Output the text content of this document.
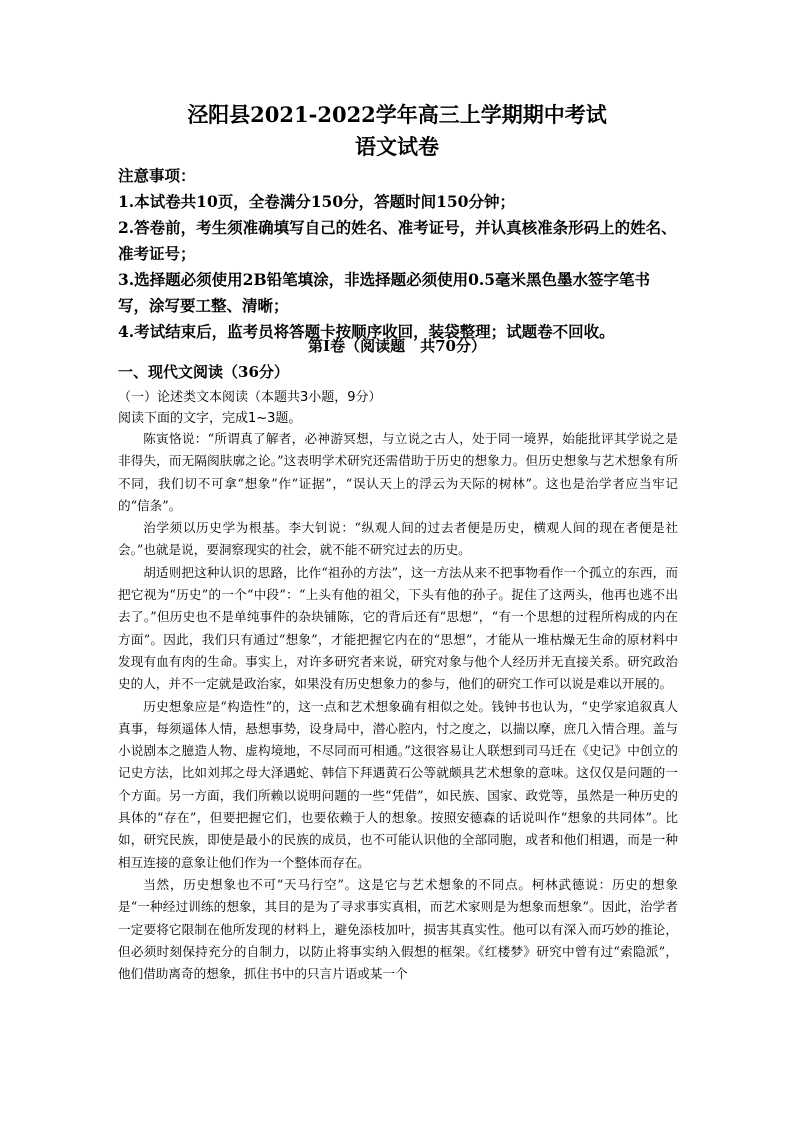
泾阳县2021-2022学年高三上学期期中考试
语文试卷

注意事项：

1.本试卷共10页，全卷满分150分，答题时间150分钟；

2.答卷前，考生须准确填写自己的姓名、准考证号，并认真核准条形码上的姓名、准考证号；

3.选择题必须使用2B铅笔填涂，非选择题必须使用0.5毫米黑色墨水签字笔书写，涂写要工整、清晰；

4.考试结束后，监考员将答题卡按顺序收回，装袋整理；试题卷不回收。

第Ⅰ卷（阅读题　共70分）
一、现代文阅读（36分）
（一）论述类文本阅读（本题共3小题，9分）
阅读下面的文字，完成1~3题。

陈寅恪说：“所谓真了解者，必神游冥想，与立说之古人，处于同一境界，始能批评其学说之是非得失，而无隔阂肤廓之论。”这表明学术研究还需借助于历史的想象力。但历史想象与艺术想象有所不同，我们切不可拿“想象”作“证据”，“误认天上的浮云为天际的树林”。这也是治学者应当牢记的“信条”。

治学须以历史学为根基。李大钊说：“纵观人间的过去者便是历史，横观人间的现在者便是社会。”也就是说，要洞察现实的社会，就不能不研究过去的历史。

胡适则把这种认识的思路，比作“祖孙的方法”，这一方法从来不把事物看作一个孤立的东西，而把它视为“历史”的一个“中段”：“上头有他的祖父，下头有他的孙子。捉住了这两头，他再也逃不出去了。”但历史也不是单纯事件的杂块铺陈，它的背后还有“思想”，“有一个思想的过程所构成的内在方面”。因此，我们只有通过“想象”，才能把握它内在的“思想”，才能从一堆枯燥无生命的原材料中发现有血有肉的生命。事实上，对许多研究者来说，研究对象与他个人经历并无直接关系。研究政治史的人，并不一定就是政治家，如果没有历史想象力的参与，他们的研究工作可以说是难以开展的。

历史想象应是“构造性”的，这一点和艺术想象确有相似之处。钱钟书也认为，“史学家追叙真人真事，每须遥体人情，悬想事势，设身局中，潜心腔内，忖之度之，以揣以摩，庶几入情合理。盖与小说剧本之臆造人物、虚构境地，不尽同而可相通。”这很容易让人联想到司马迁在《史记》中创立的记史方法，比如刘邦之母大泽遇蛇、韩信下拜遇黄石公等就颇具艺术想象的意味。这仅仅是问题的一个方面。另一方面，我们所赖以说明问题的一些“凭借”，如民族、国家、政党等，虽然是一种历史的具体的“存在”，但要把握它们，也要依赖于人的想象。按照安德森的话说叫作“想象的共同体”。比如，研究民族，即使是最小的民族的成员，也不可能认识他的全部同胞，或者和他们相遇，而是一种相互连接的意象让他们作为一个整体而存在。

当然，历史想象也不可“天马行空”。这是它与艺术想象的不同点。柯林武德说：历史的想象是“一种经过训练的想象，其目的是为了寻求事实真相，而艺术家则是为想象而想象”。因此，治学者一定要将它限制在他所发现的材料上，避免添枝加叶，损害其真实性。他可以有深入而巧妙的推论，但必须时刻保持充分的自制力，以防止将事实纳入假想的框架。《红楼梦》研究中曾有过“索隐派”，他们借助离奇的想象，抓住书中的只言片语或某一个
